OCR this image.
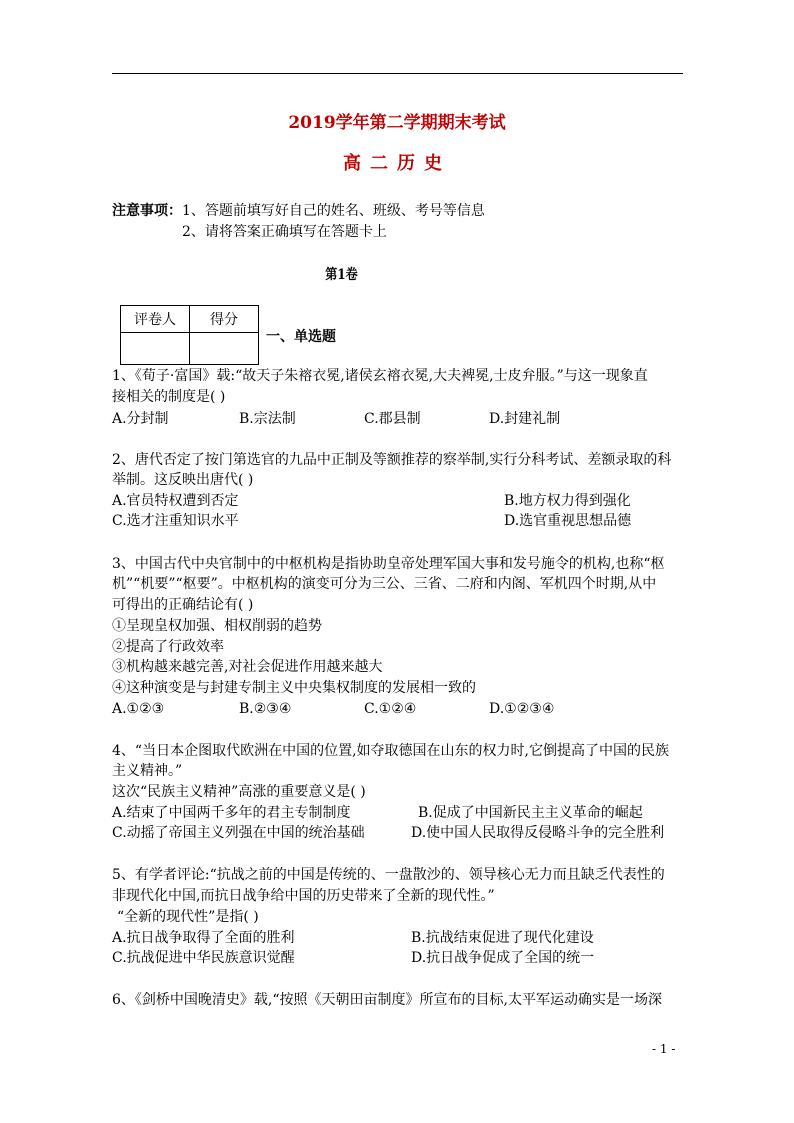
2019学年第二学期期末考试
高二历史
注意事项：1、答题前填写好自己的姓名、班级、考号等信息
2、请将答案正确填写在答题卡上
第1卷
评卷人	得分

一、单选题
1、《荀子·富国》载:“故天子朱褣衣冕,诸侯玄褣衣冕,大夫裨冕,士皮弁服。”与这一现象直
接相关的制度是( )
A.分封制	B.宗法制	C.郡县制	D.封建礼制
2、唐代否定了按门第选官的九品中正制及等额推荐的察举制,实行分科考试、差额录取的科
举制。这反映出唐代( )
A.官员特权遭到否定	B.地方权力得到强化
C.选才注重知识水平	D.选官重视思想品德
3、中国古代中央官制中的中枢机构是指协助皇帝处理军国大事和发号施令的机构,也称“枢
机”“机要”“枢要”。中枢机构的演变可分为三公、三省、二府和内阁、军机四个时期,从中
可得出的正确结论有( )
①呈现皇权加强、相权削弱的趋势
②提高了行政效率
③机构越来越完善,对社会促进作用越来越大
④这种演变是与封建专制主义中央集权制度的发展相一致的
A.①②③	B.②③④	C.①②④	D.①②③④
4、“当日本企图取代欧洲在中国的位置,如夺取德国在山东的权力时,它倒提高了中国的民族
主义精神。”
这次“民族主义精神”高涨的重要意义是( )
A.结束了中国两千多年的君主专制制度	B.促成了中国新民主主义革命的崛起
C.动摇了帝国主义列强在中国的统治基础	D.使中国人民取得反侵略斗争的完全胜利
5、有学者评论:“抗战之前的中国是传统的、一盘散沙的、领导核心无力而且缺乏代表性的
非现代化中国,而抗日战争给中国的历史带来了全新的现代性。”
“全新的现代性”是指( )
A.抗日战争取得了全面的胜利	B.抗战结束促进了现代化建设
C.抗战促进中华民族意识觉醒	D.抗日战争促成了全国的统一
6、《剑桥中国晚清史》载,“按照《天朝田亩制度》所宣布的目标,太平军运动确实是一场深
- 1 -
